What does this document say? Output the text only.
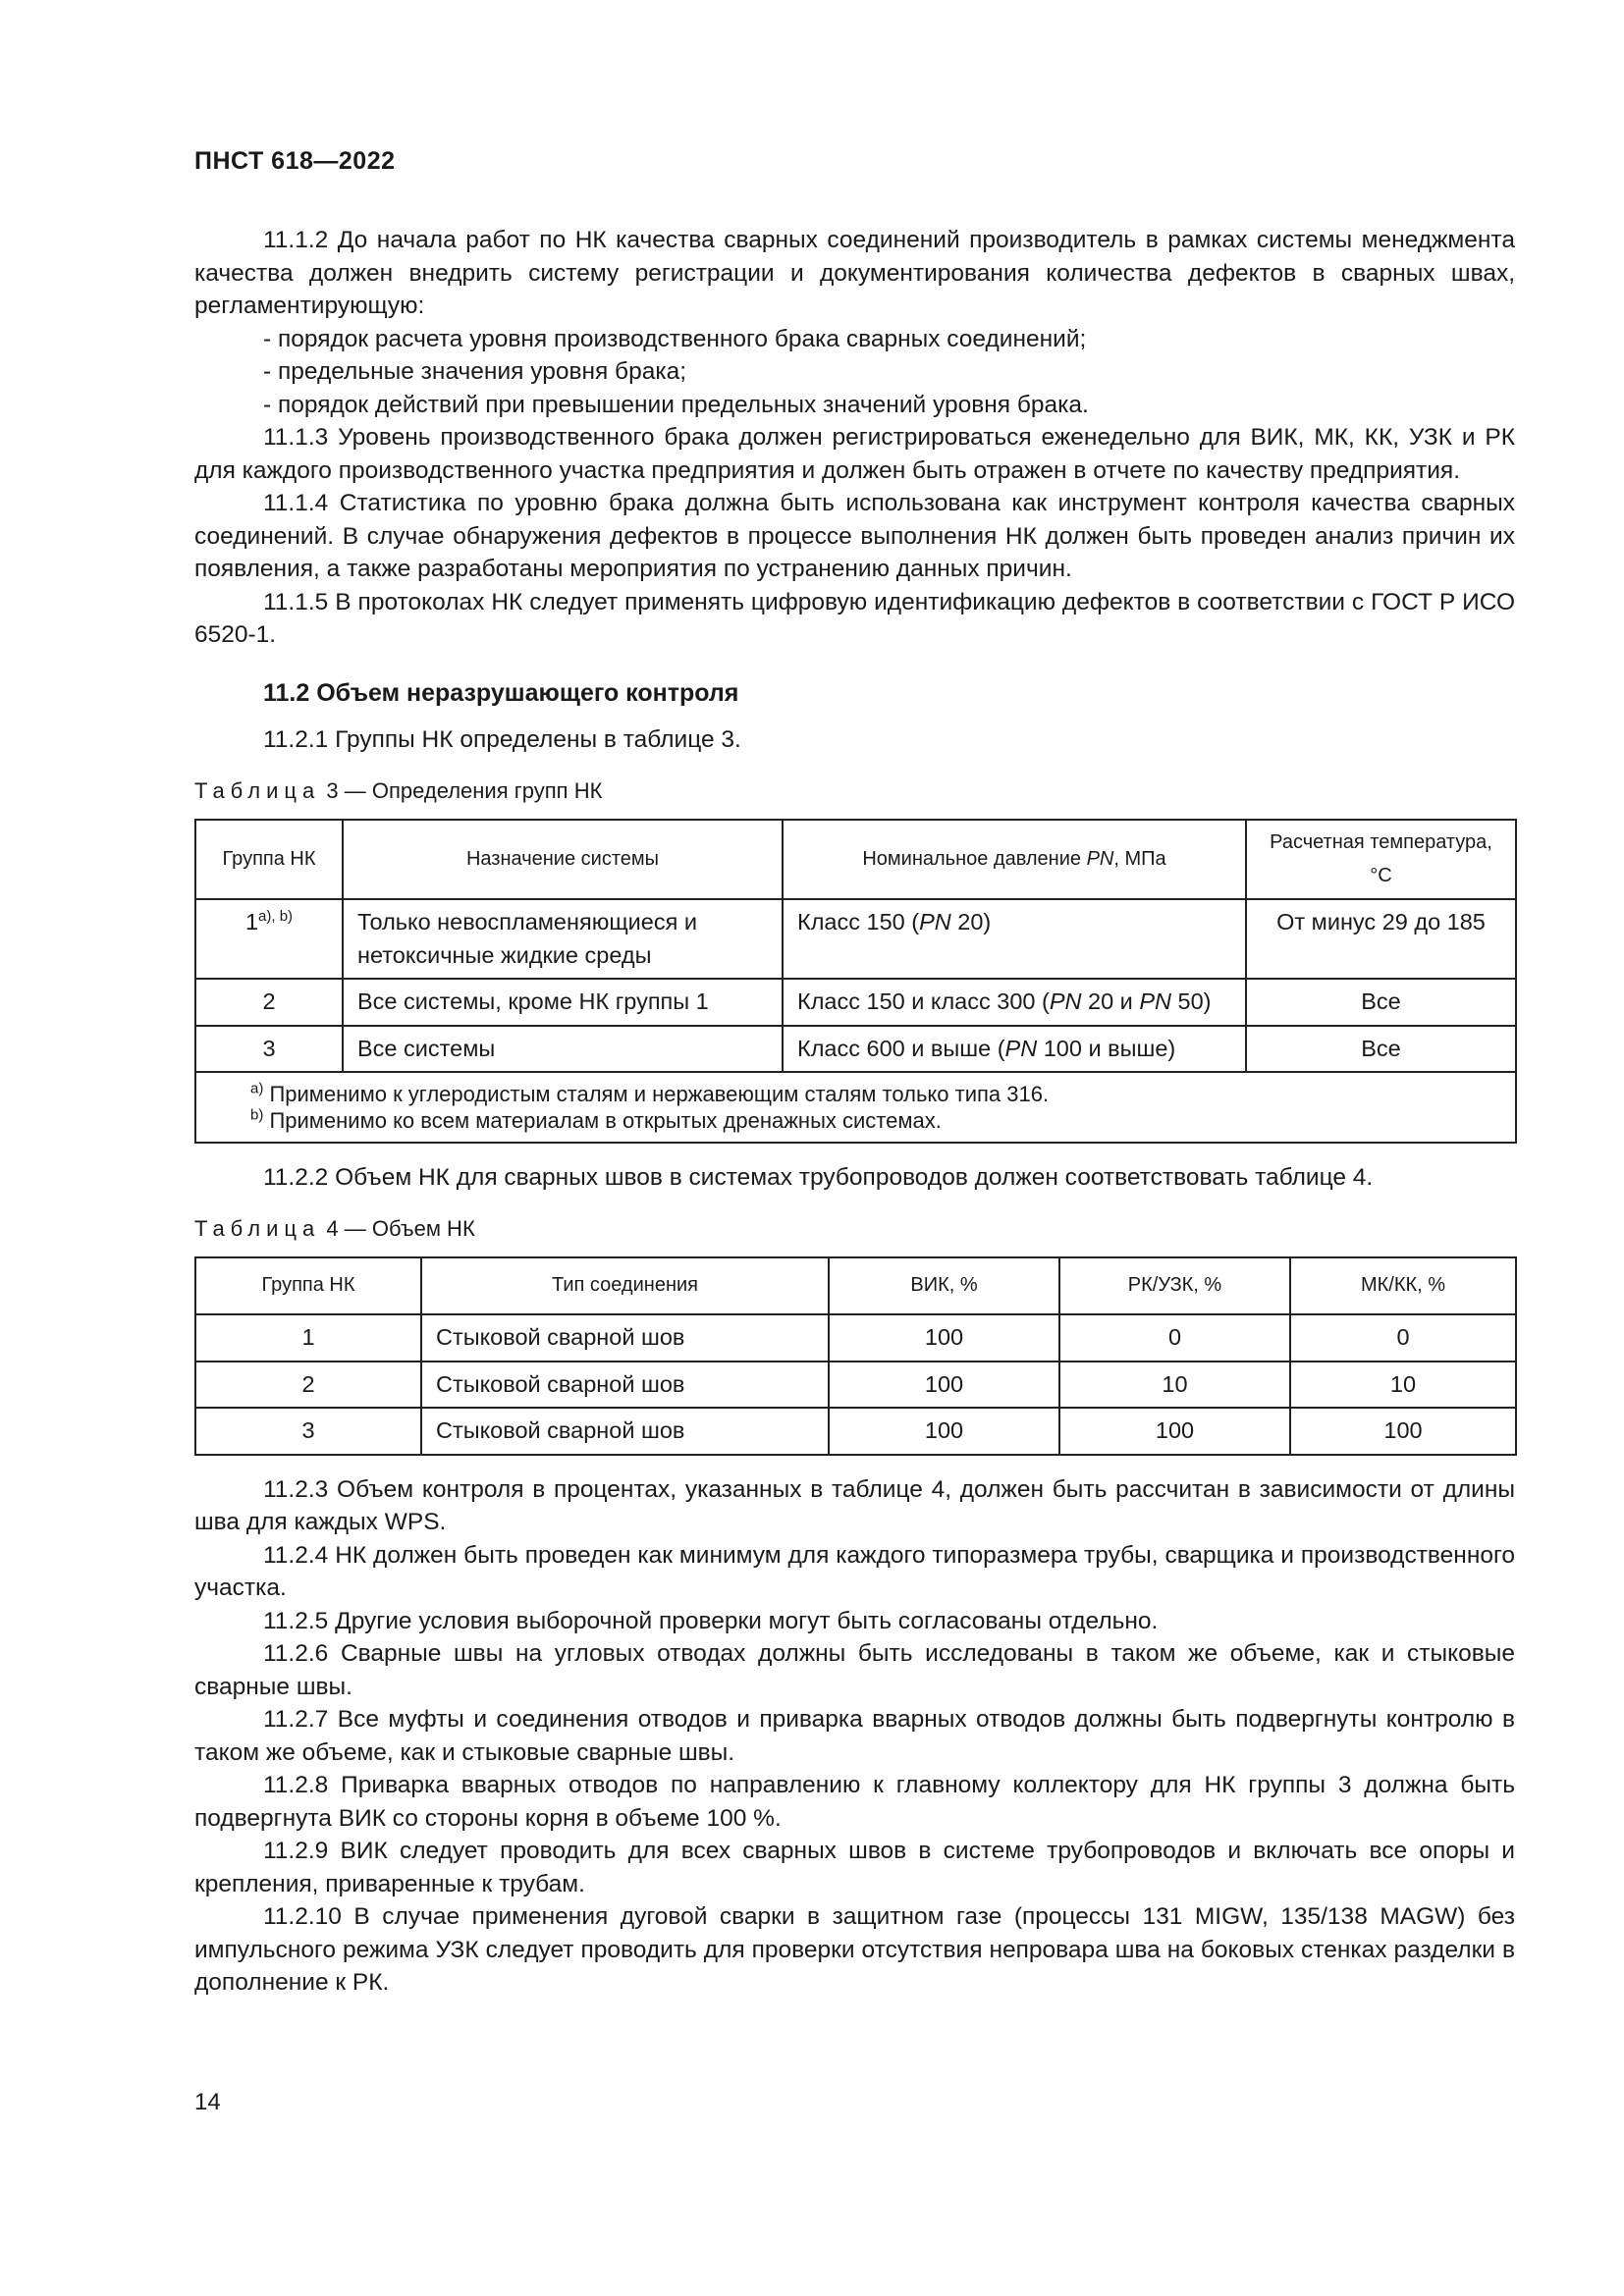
ПНСТ 618—2022

11.1.2 До начала работ по НК качества сварных соединений производитель в рамках системы менеджмента качества должен внедрить систему регистрации и документирования количества дефектов в сварных швах, регламентирующую:

- порядок расчета уровня производственного брака сварных соединений;

- предельные значения уровня брака;

- порядок действий при превышении предельных значений уровня брака.

11.1.3 Уровень производственного брака должен регистрироваться еженедельно для ВИК, МК, КК, УЗК и РК для каждого производственного участка предприятия и должен быть отражен в отчете по качеству предприятия.

11.1.4 Статистика по уровню брака должна быть использована как инструмент контроля качества сварных соединений. В случае обнаружения дефектов в процессе выполнения НК должен быть проведен анализ причин их появления, а также разработаны мероприятия по устранению данных причин.

11.1.5 В протоколах НК следует применять цифровую идентификацию дефектов в соответствии с ГОСТ Р ИСО 6520-1.

11.2 Объем неразрушающего контроля

11.2.1 Группы НК определены в таблице 3.

Таблица 3 — Определения групп НК
Группа НК	Назначение системы	Номинальное давление PN, МПа	Расчетная температура, °C
$1^{a), b)}$	Только невоспламеняющиеся и нетоксичные жидкие среды	Класс 150 (PN 20)	От минус 29 до 185
2	Все системы, кроме НК группы 1	Класс 150 и класс 300 (PN 20 и PN 50)	Все
3	Все системы	Класс 600 и выше (PN 100 и выше)	Все

$^{a)}$ Применимо к углеродистым сталям и нержавеющим сталям только типа 316.
$^{b)}$ Применимо ко всем материалам в открытых дренажных системах.			

11.2.2 Объем НК для сварных швов в системах трубопроводов должен соответствовать таблице 4.

Таблица 4 — Объем НК
Группа НК	Тип соединения	ВИК, %	РК/УЗК, %	МК/КК, %
1	Стыковой сварной шов	100	0	0
2	Стыковой сварной шов	100	10	10
3	Стыковой сварной шов	100	100	100

11.2.3 Объем контроля в процентах, указанных в таблице 4, должен быть рассчитан в зависимости от длины шва для каждых WPS.

11.2.4 НК должен быть проведен как минимум для каждого типоразмера трубы, сварщика и производственного участка.

11.2.5 Другие условия выборочной проверки могут быть согласованы отдельно.

11.2.6 Сварные швы на угловых отводах должны быть исследованы в таком же объеме, как и стыковые сварные швы.

11.2.7 Все муфты и соединения отводов и приварка вварных отводов должны быть подвергнуты контролю в таком же объеме, как и стыковые сварные швы.

11.2.8 Приварка вварных отводов по направлению к главному коллектору для НК группы 3 должна быть подвергнута ВИК со стороны корня в объеме 100 %.

11.2.9 ВИК следует проводить для всех сварных швов в системе трубопроводов и включать все опоры и крепления, приваренные к трубам.

11.2.10 В случае применения дуговой сварки в защитном газе (процессы 131 MIGW, 135/138 MAGW) без импульсного режима УЗК следует проводить для проверки отсутствия непровара шва на боковых стенках разделки в дополнение к РК.

14
